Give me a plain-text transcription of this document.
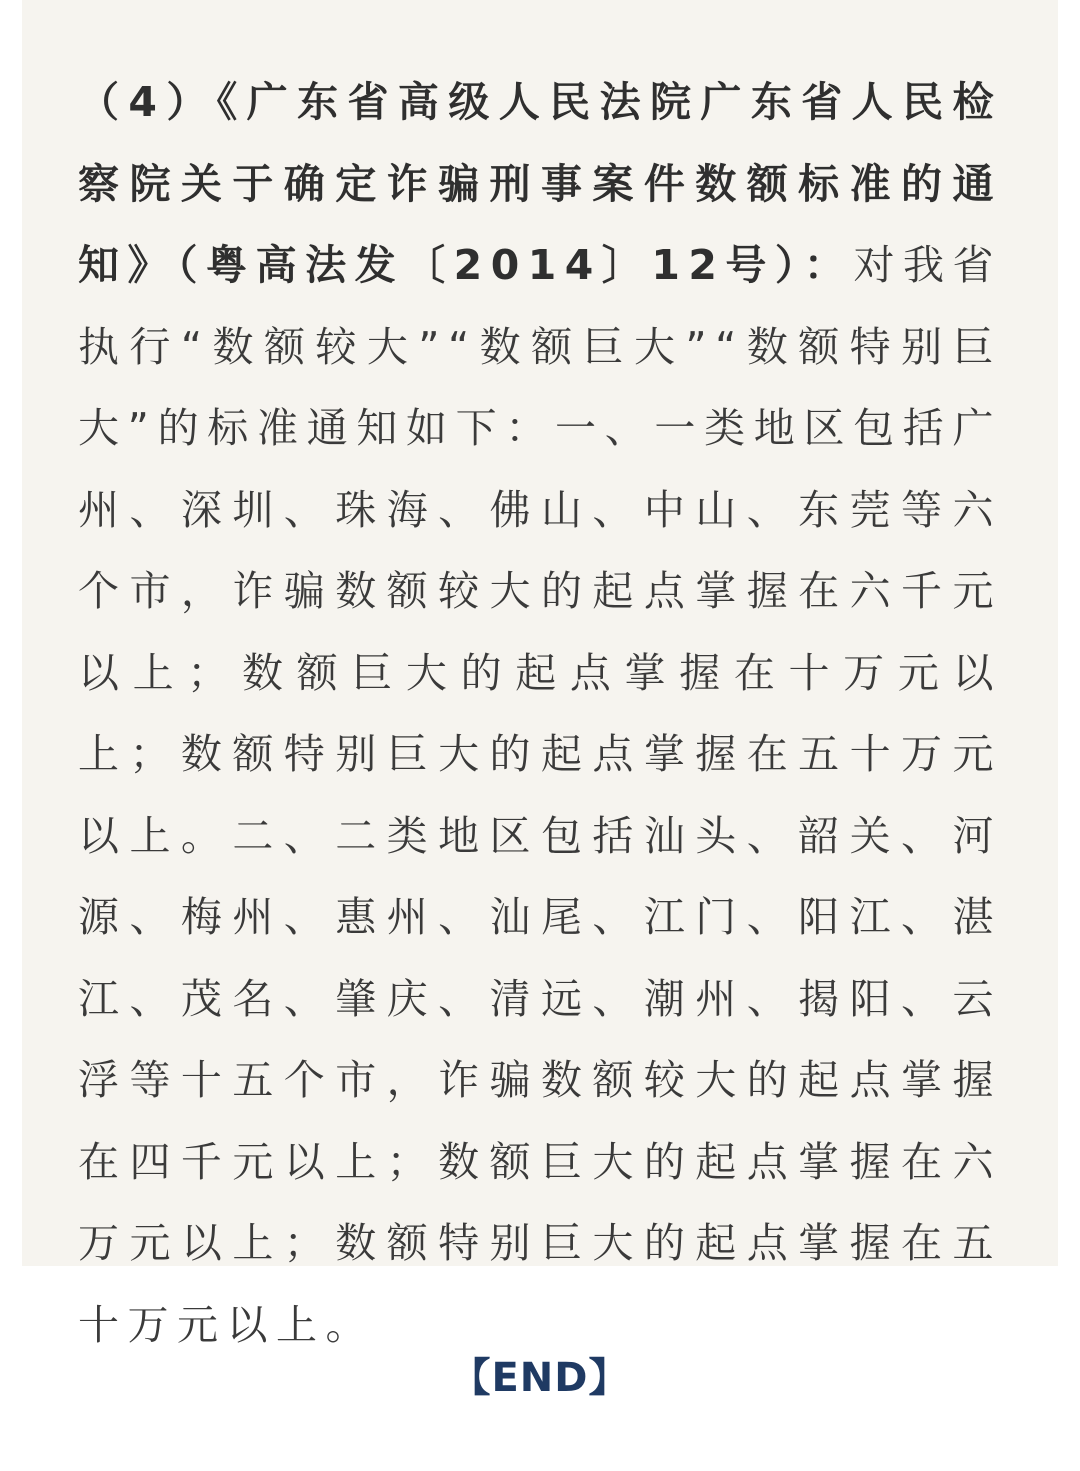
（4）《广东省高级人民法院广东省人民检察院关于确定诈骗刑事案件数额标准的通知》（粤高法发〔2014〕12号）：对我省执行“数额较大”“数额巨大”“数额特别巨大”的标准通知如下：一、一类地区包括广州、深圳、珠海、佛山、中山、东莞等六个市，诈骗数额较大的起点掌握在六千元以上；数额巨大的起点掌握在十万元以上；数额特别巨大的起点掌握在五十万元以上。二、二类地区包括汕头、韶关、河源、梅州、惠州、汕尾、江门、阳江、湛江、茂名、肇庆、清远、潮州、揭阳、云浮等十五个市，诈骗数额较大的起点掌握在四千元以上；数额巨大的起点掌握在六万元以上；数额特别巨大的起点掌握在五十万元以上。
【END】
